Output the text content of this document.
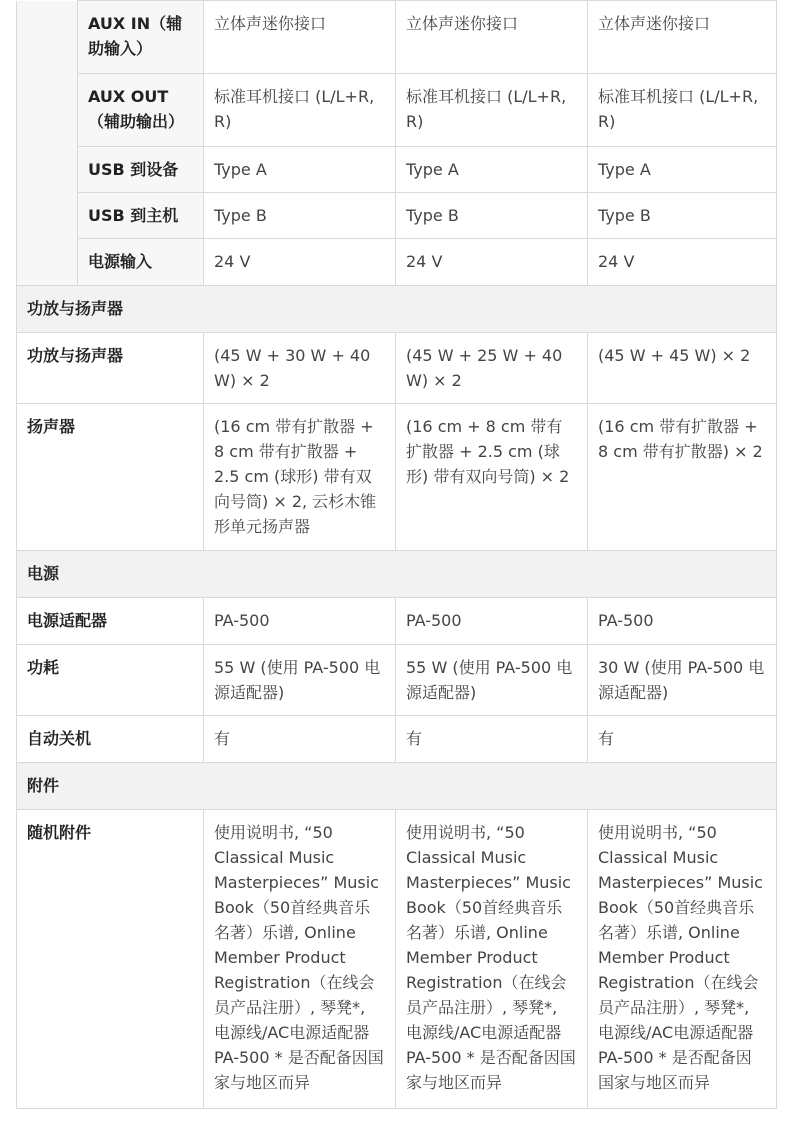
	AUX IN（辅助输入）	立体声迷你接口	立体声迷你接口	立体声迷你接口
	AUX OUT（辅助输出）	标准耳机接口 (L/L+R, R)	标准耳机接口 (L/L+R, R)	标准耳机接口 (L/L+R, R)
	USB 到设备	Type A	Type A	Type A
	USB 到主机	Type B	Type B	Type B
	电源输入	24 V	24 V	24 V
功放与扬声器				
功放与扬声器		(45 W + 30 W + 40 W) × 2	(45 W + 25 W + 40 W) × 2	(45 W + 45 W) × 2
扬声器		(16 cm 带有扩散器 + 8 cm 带有扩散器 + 2.5 cm (球形) 带有双向号筒) × 2, 云杉木锥形单元扬声器	(16 cm + 8 cm 带有扩散器 + 2.5 cm (球形) 带有双向号筒) × 2	(16 cm 带有扩散器 + 8 cm 带有扩散器) × 2
电源				
电源适配器		PA-500	PA-500	PA-500
功耗		55 W (使用 PA-500 电源适配器)	55 W (使用 PA-500 电源适配器)	30 W (使用 PA-500 电源适配器)
自动关机		有	有	有
附件				
随机附件		使用说明书, “50 Classical Music Masterpieces” Music Book（50首经典音乐名著）乐谱, Online Member Product Registration（在线会员产品注册）, 琴凳*, 电源线/AC电源适配器PA-500 * 是否配备因国家与地区而异	使用说明书, “50 Classical Music Masterpieces” Music Book（50首经典音乐名著）乐谱, Online Member Product Registration（在线会员产品注册）, 琴凳*, 电源线/AC电源适配器PA-500 * 是否配备因国家与地区而异	使用说明书, “50 Classical Music Masterpieces” Music Book（50首经典音乐名著）乐谱, Online Member Product Registration（在线会员产品注册）, 琴凳*, 电源线/AC电源适配器PA-500 * 是否配备因国家与地区而异
